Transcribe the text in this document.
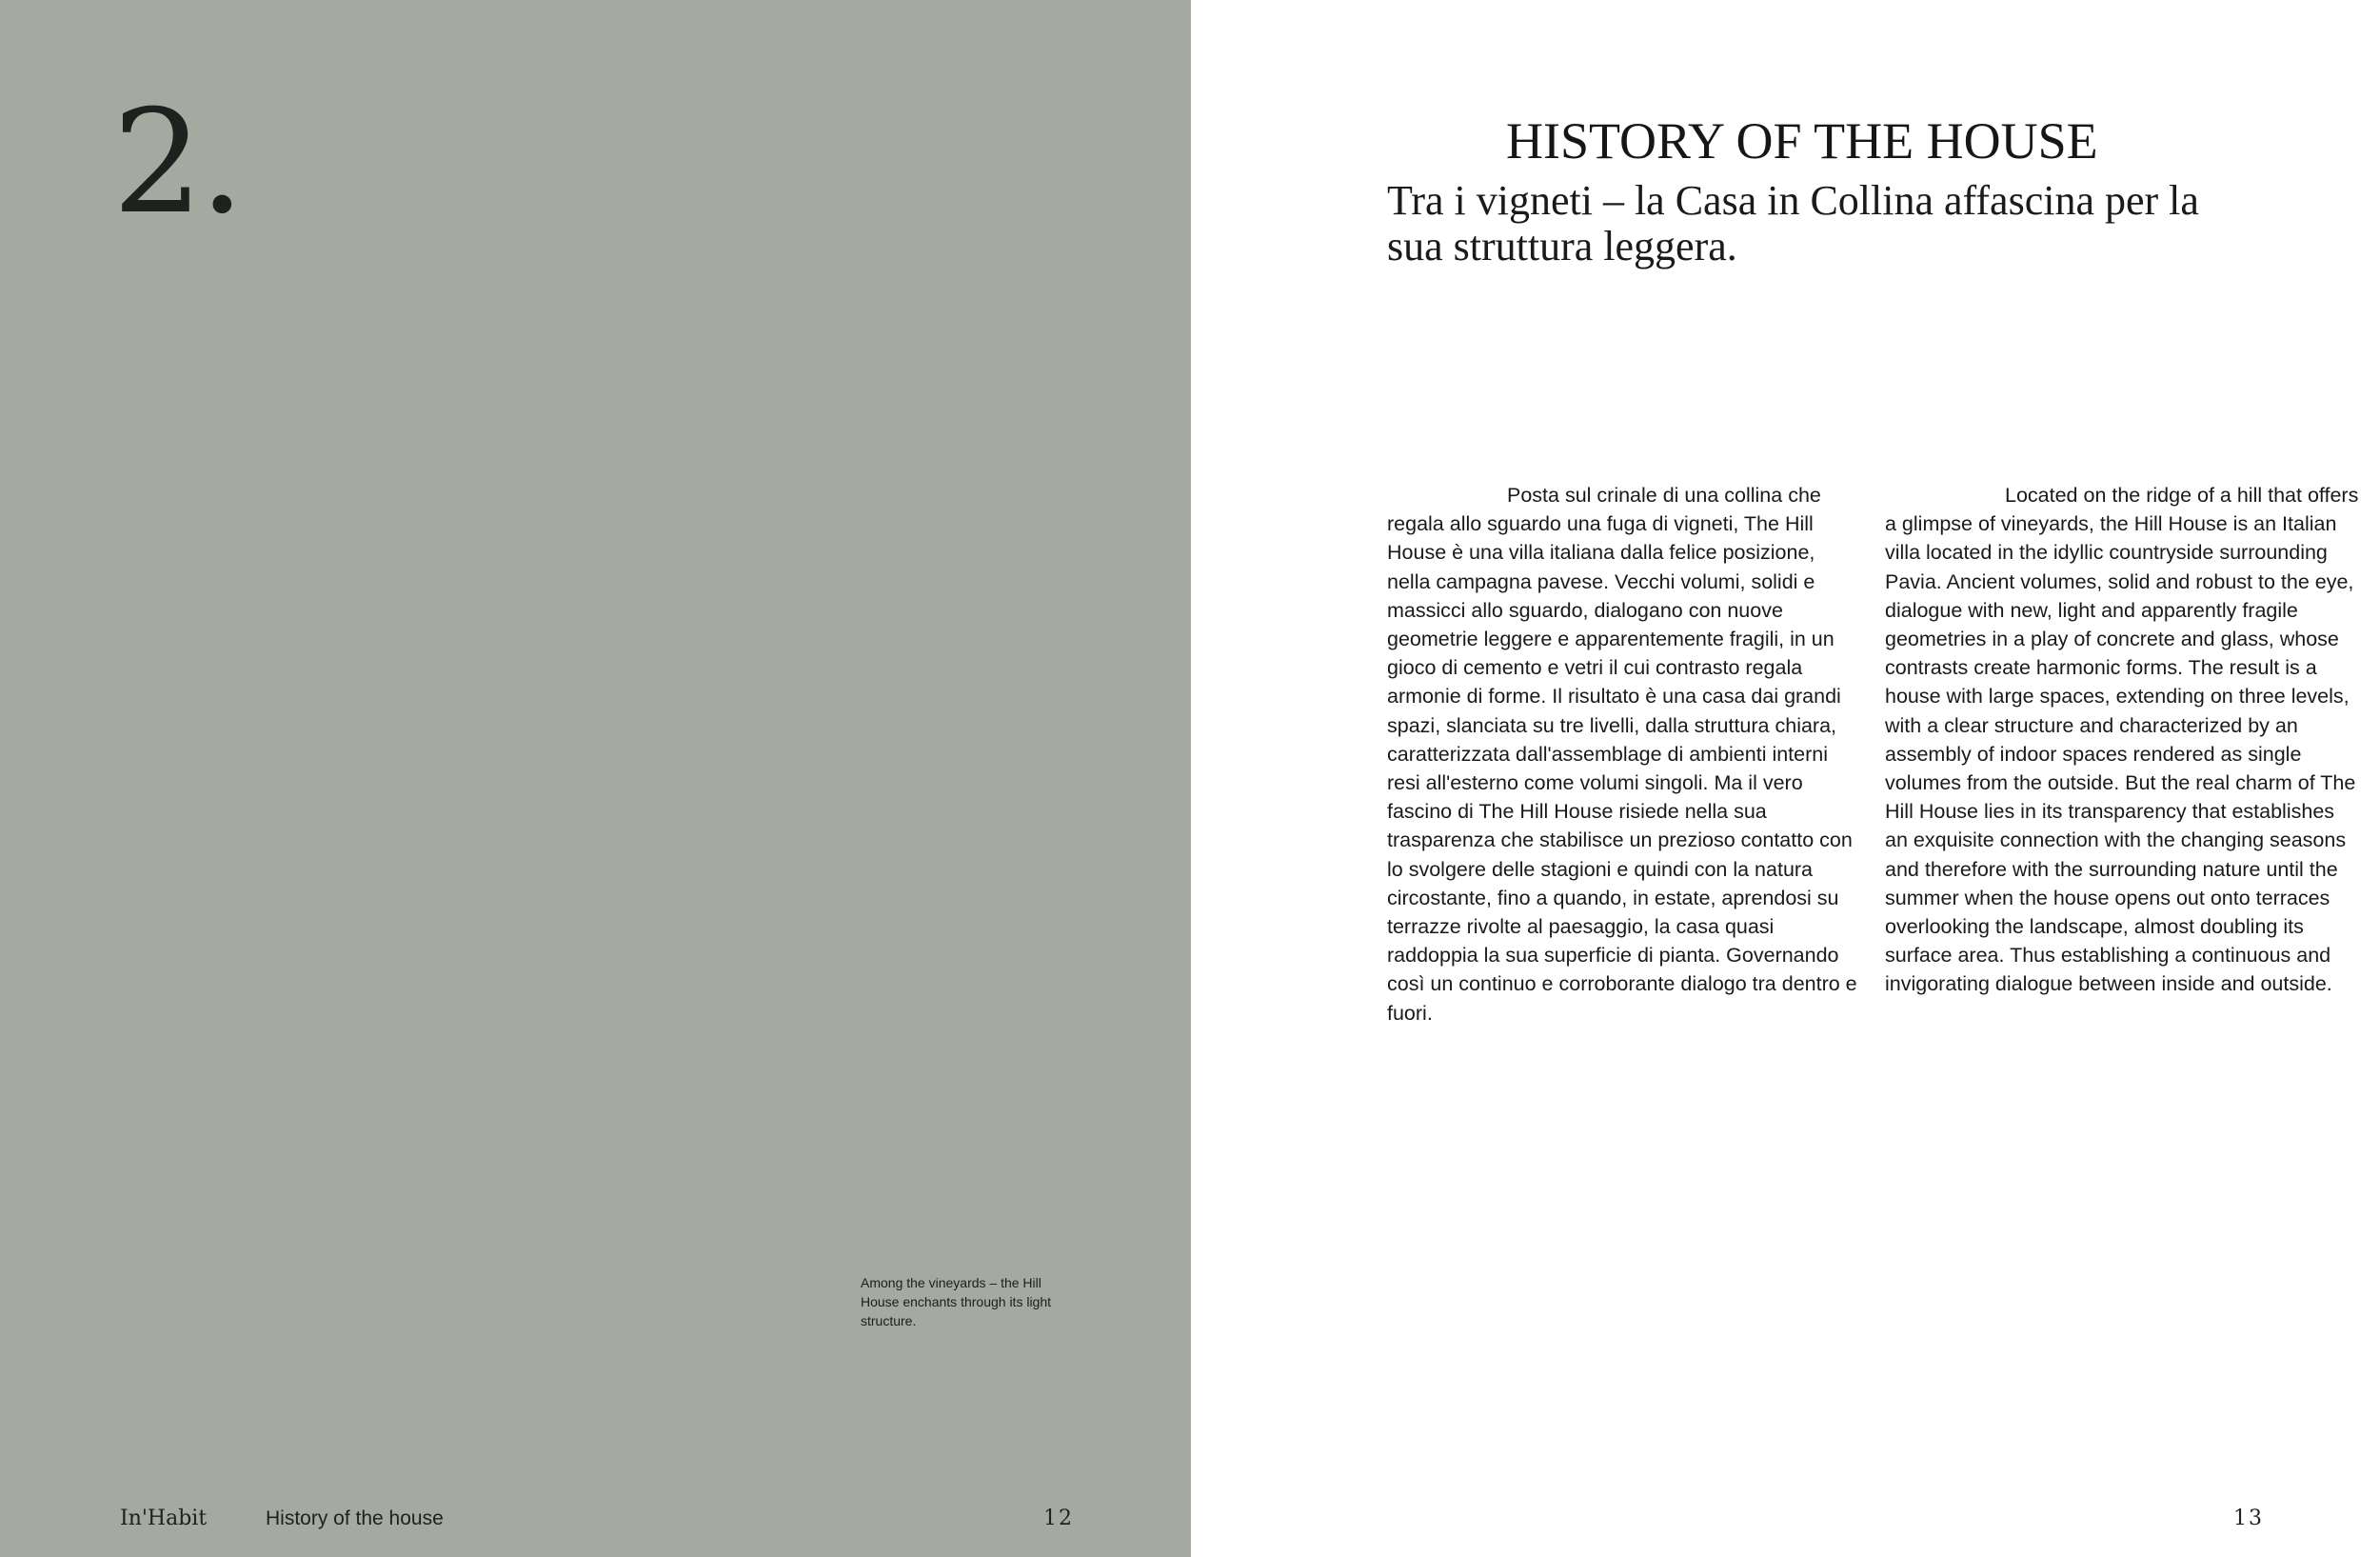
2.
Among the vineyards – the Hill House enchants through its light structure.
In'Habit	History of the house	12
HISTORY OF THE HOUSE
Tra i vigneti – la Casa in Collina affascina per la sua struttura leggera.

Posta sul crinale di una collina che regala allo sguardo una fuga di vigneti, The Hill House è una villa italiana dalla felice posizione, nella campagna pavese. Vecchi volumi, solidi e massicci allo sguardo, dialogano con nuove geometrie leggere e apparentemente fragili, in un gioco di cemento e vetri il cui contrasto regala armonie di forme. Il risultato è una casa dai grandi spazi, slanciata su tre livelli, dalla struttura chiara, caratterizzata dall'assemblage di ambienti interni resi all'esterno come volumi singoli. Ma il vero fascino di The Hill House risiede nella sua trasparenza che stabilisce un prezioso contatto con lo svolgere delle stagioni e quindi con la natura circostante, fino a quando, in estate, aprendosi su terrazze rivolte al paesaggio, la casa quasi raddoppia la sua superficie di pianta. Governando così un continuo e corroborante dialogo tra dentro e fuori.

Located on the ridge of a hill that offers a glimpse of vineyards, the Hill House is an Italian villa located in the idyllic countryside surrounding Pavia. Ancient volumes, solid and robust to the eye, dialogue with new, light and apparently fragile geometries in a play of concrete and glass, whose contrasts create harmonic forms. The result is a house with large spaces, extending on three levels, with a clear structure and characterized by an assembly of indoor spaces rendered as single volumes from the outside. But the real charm of The Hill House lies in its transparency that establishes an exquisite connection with the changing seasons and therefore with the surrounding nature until the summer when the house opens out onto terraces overlooking the landscape, almost doubling its surface area. Thus establishing a continuous and invigorating dialogue between inside and outside.

13
